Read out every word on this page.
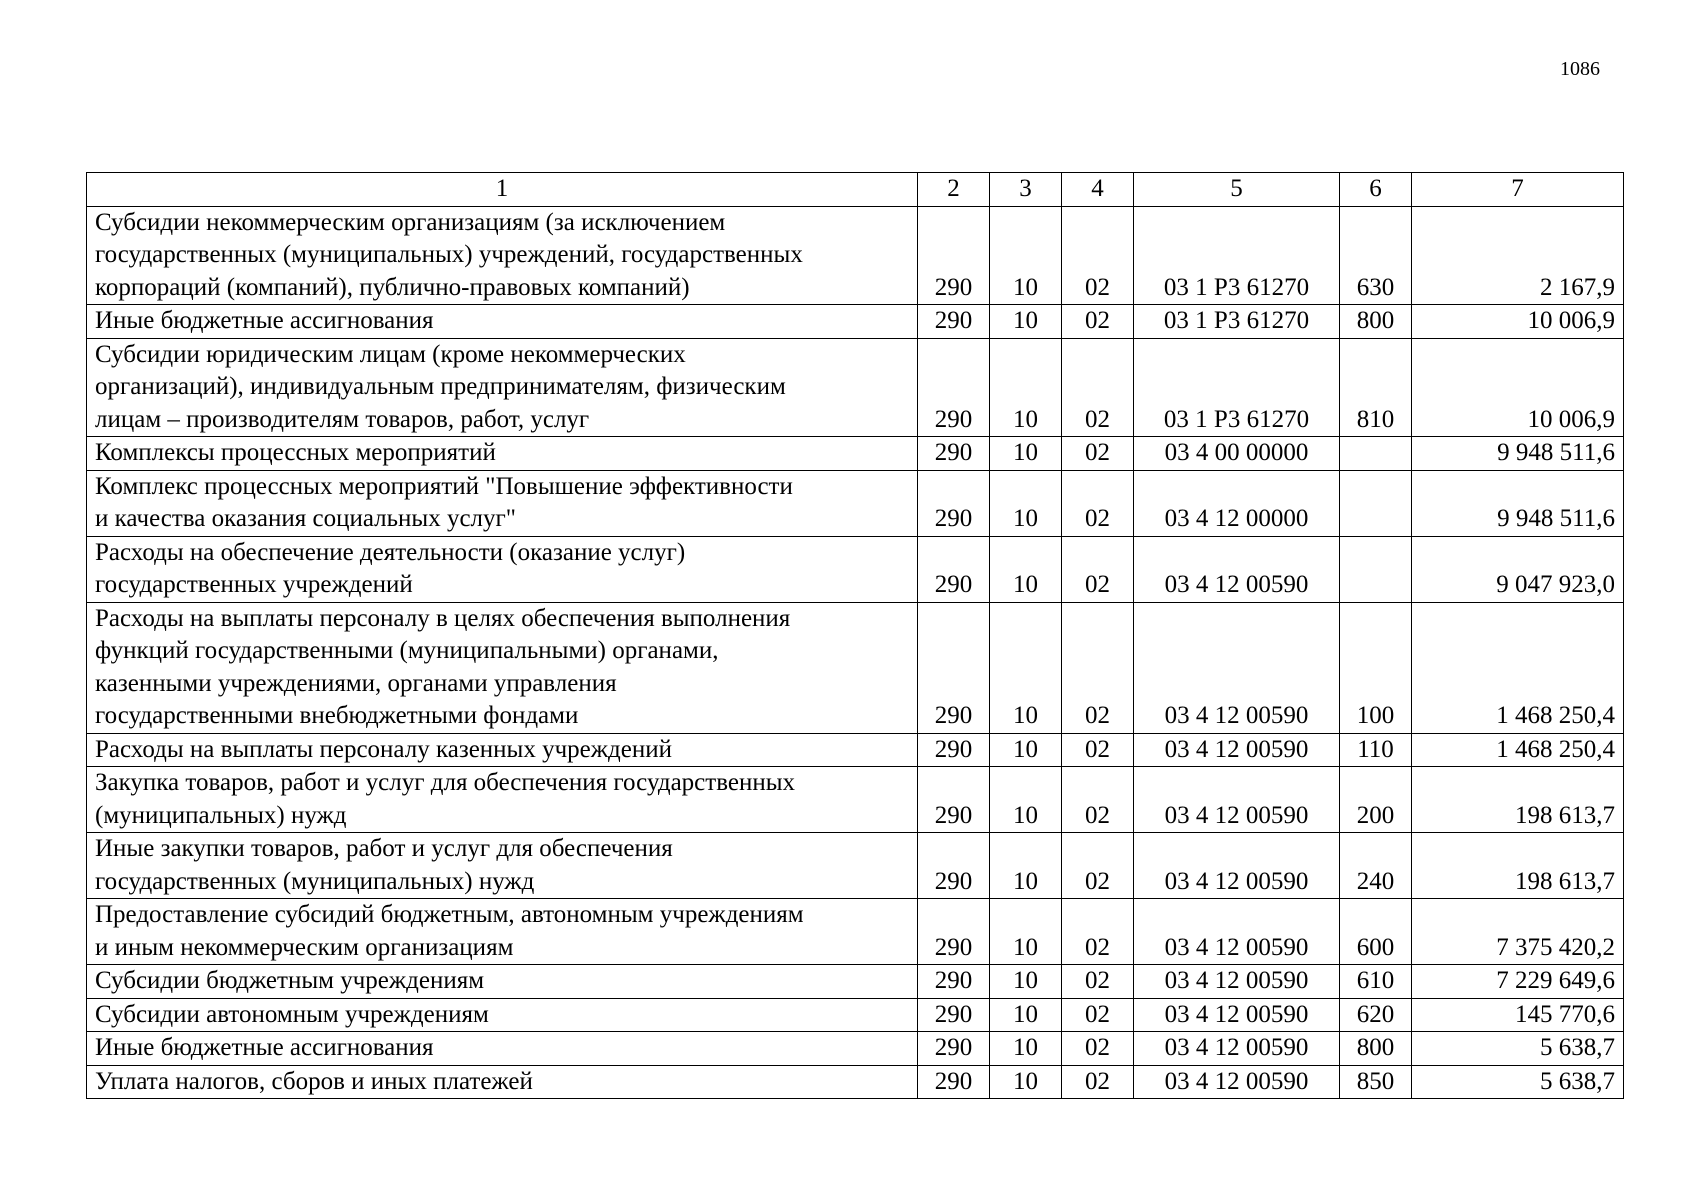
1086
1	2	3	4	5	6	7

Субсидии некоммерческим организациям (за исключением
государственных (муниципальных) учреждений, государственных
корпораций (компаний), публично-правовых компаний)	290	10	02	03 1 Р3 61270	630	2 167,9

Иные бюджетные ассигнования	290	10	02	03 1 Р3 61270	800	10 006,9

Субсидии юридическим лицам (кроме некоммерческих
организаций), индивидуальным предпринимателям, физическим
лицам – производителям товаров, работ, услуг	290	10	02	03 1 Р3 61270	810	10 006,9

Комплексы процессных мероприятий	290	10	02	03 4 00 00000		9 948 511,6

Комплекс процессных мероприятий "Повышение эффективности
и качества оказания социальных услуг"	290	10	02	03 4 12 00000		9 948 511,6

Расходы на обеспечение деятельности (оказание услуг)
государственных учреждений	290	10	02	03 4 12 00590		9 047 923,0

Расходы на выплаты персоналу в целях обеспечения выполнения
функций государственными (муниципальными) органами,
казенными учреждениями, органами управления
государственными внебюджетными фондами	290	10	02	03 4 12 00590	100	1 468 250,4

Расходы на выплаты персоналу казенных учреждений	290	10	02	03 4 12 00590	110	1 468 250,4

Закупка товаров, работ и услуг для обеспечения государственных
(муниципальных) нужд	290	10	02	03 4 12 00590	200	198 613,7

Иные закупки товаров, работ и услуг для обеспечения
государственных (муниципальных) нужд	290	10	02	03 4 12 00590	240	198 613,7

Предоставление субсидий бюджетным, автономным учреждениям
и иным некоммерческим организациям	290	10	02	03 4 12 00590	600	7 375 420,2

Субсидии бюджетным учреждениям	290	10	02	03 4 12 00590	610	7 229 649,6

Субсидии автономным учреждениям	290	10	02	03 4 12 00590	620	145 770,6

Иные бюджетные ассигнования	290	10	02	03 4 12 00590	800	5 638,7

Уплата налогов, сборов и иных платежей	290	10	02	03 4 12 00590	850	5 638,7
